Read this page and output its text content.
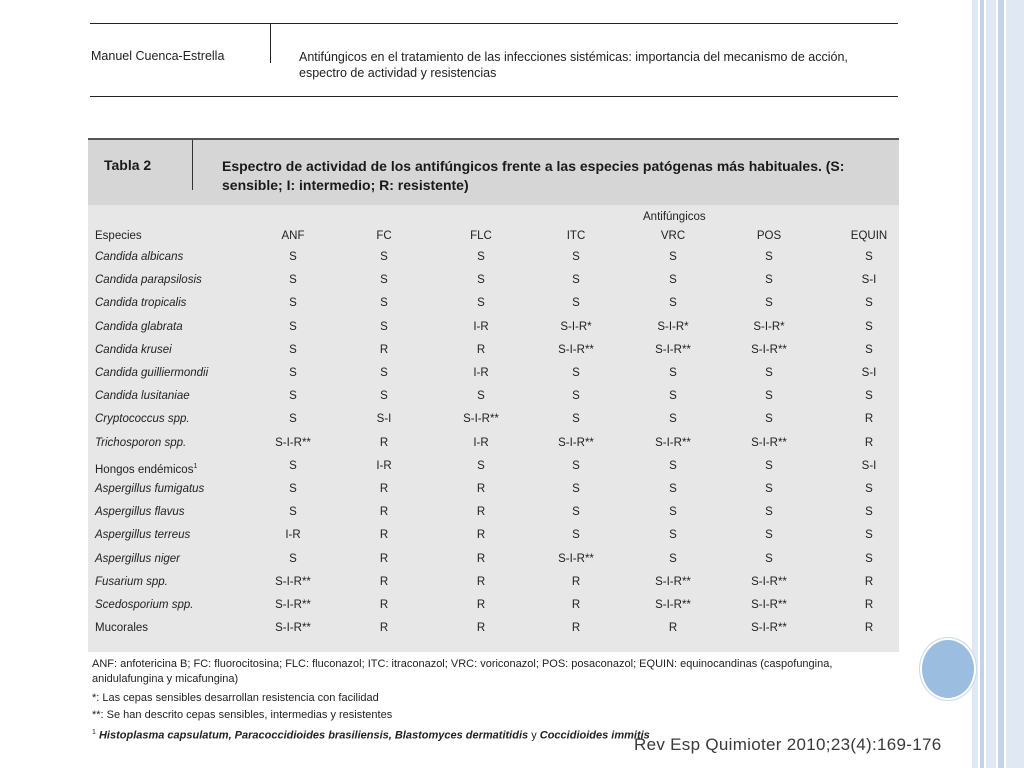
Manuel Cuenca-Estrella	Antifúngicos en el tratamiento de las infecciones sistémicas: importancia del mecanismo de acción,
espectro de actividad y resistencias
Tabla 2	Espectro de actividad de los antifúngicos frente a las especies patógenas más habituales. (S:
sensible; I: intermedio; R: resistente)
Antifúngicos
Especies	ANF	FC	FLC	ITC	VRC	POS	EQUIN
Candida albicans	S	S	S	S	S	S	S
Candida parapsilosis	S	S	S	S	S	S	S-I
Candida tropicalis	S	S	S	S	S	S	S
Candida glabrata	S	S	I-R	S-I-R*	S-I-R*	S-I-R*	S
Candida krusei	S	R	R	S-I-R**	S-I-R**	S-I-R**	S
Candida guilliermondii	S	S	I-R	S	S	S	S-I
Candida lusitaniae	S	S	S	S	S	S	S
Cryptococcus spp.	S	S-I	S-I-R**	S	S	S	R
Trichosporon spp.	S-I-R**	R	I-R	S-I-R**	S-I-R**	S-I-R**	R
Hongos endémicos$^1$	S	I-R	S	S	S	S	S-I
Aspergillus fumigatus	S	R	R	S	S	S	S
Aspergillus flavus	S	R	R	S	S	S	S
Aspergillus terreus	I-R	R	R	S	S	S	S
Aspergillus niger	S	R	R	S-I-R**	S	S	S
Fusarium spp.	S-I-R**	R	R	R	S-I-R**	S-I-R**	R
Scedosporium spp.	S-I-R**	R	R	R	S-I-R**	S-I-R**	R
Mucorales	S-I-R**	R	R	R	R	S-I-R**	R
ANF: anfotericina B; FC: fluorocitosina; FLC: fluconazol; ITC: itraconazol; VRC: voriconazol; POS: posaconazol; EQUIN: equinocandinas (caspofungina, anidulafungina y micafungina)
*: Las cepas sensibles desarrollan resistencia con facilidad
**: Se han descrito cepas sensibles, intermedias y resistentes
$^1$ Histoplasma capsulatum, Paracoccidioides brasiliensis, Blastomyces dermatitidis y Coccidioides immitis
Rev Esp Quimioter 2010;23(4):169-176
